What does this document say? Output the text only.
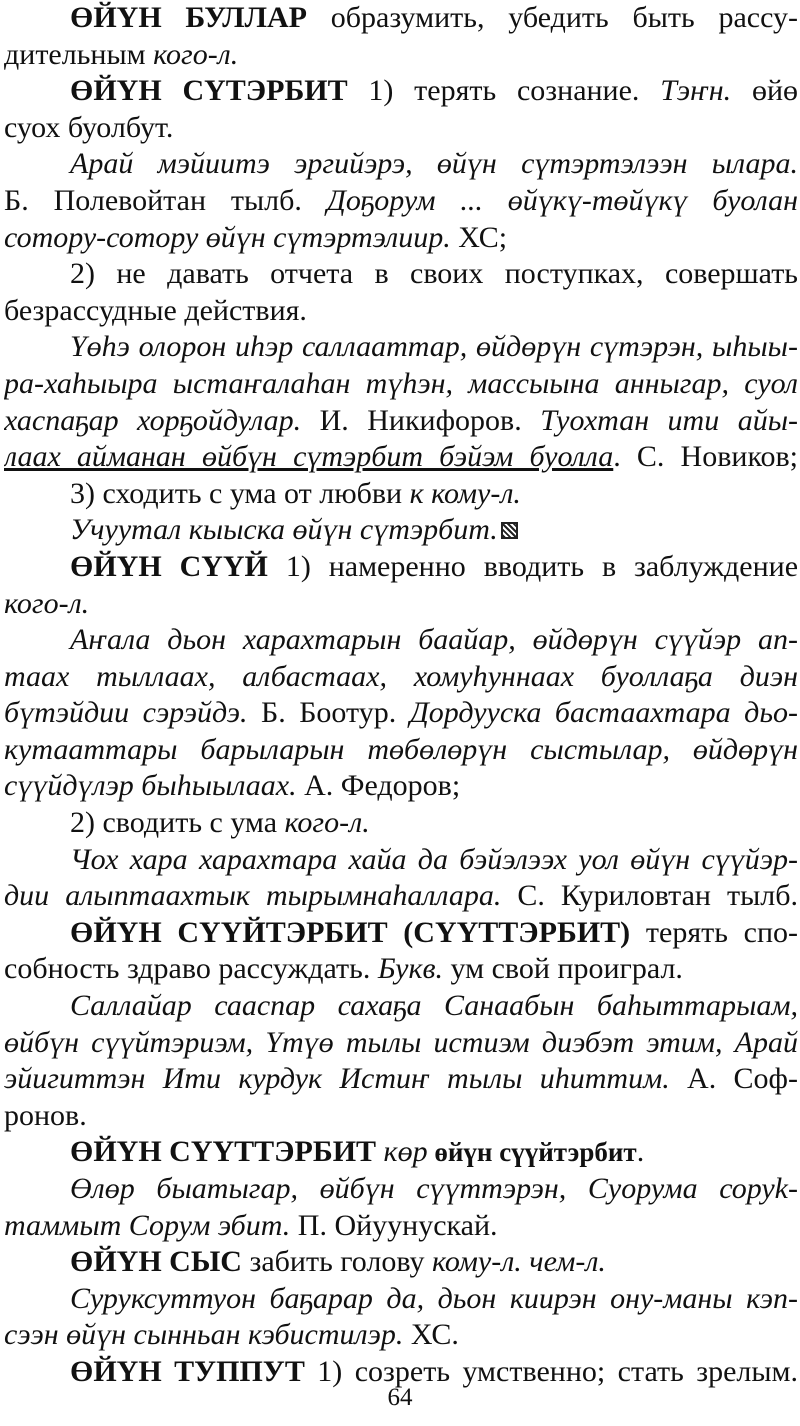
ӨЙҮН БУЛЛАР образумить, убедить быть рассу-
дительным кого-л.
ӨЙҮН СҮТЭРБИТ 1) терять сознание. Тэҥн. өйө
суох буолбут.
Арай мэйиитэ эргийэрэ, өйүн сүтэртэлээн ылара.
Б. Полевойтан тылб. Доҕорум ... өйүкү-төйүкү буолан
сотору-сотору өйүн сүтэртэлиир. ХС;
2) не давать отчета в своих поступках, совершать
безрассудные действия.
Үөһэ олорон иһэр саллааттар, өйдөрүн сүтэрэн, ыһыы-
ра-хаһыыра ыстаҥалаһан түһэн, массыына анныгар, суол
хаспаҕар хорҕойдулар. И. Никифоров. Туохтан ити айы-
лаах айманан өйбүн сүтэрбит бэйэм буолла. С. Новиков;
3) сходить с ума от любви к кому-л.
Учуутал кыыска өйүн сүтэрбит.
ӨЙҮН СҮҮЙ 1) намеренно вводить в заблуждение
кого-л.
Аҥала дьон харахтарын баайар, өйдөрүн сүүйэр ап-
таах тыллаах, албастаах, хомуһуннаах буоллаҕа диэн
бүтэйдии сэрэйдэ. Б. Боотур. Дордууска бастаахтара дьо-
кутааттары барыларын төбөлөрүн сыстылар, өйдөрүн
сүүйдүлэр быһыылаах. А. Федоров;
2) сводить с ума кого-л.
Чох хара харахтара хайа да бэйэлээх уол өйүн сүүйэр-
дии алыптаахтык тырымнаһаллара. С. Куриловтан тылб.
ӨЙҮН СҮҮЙТЭРБИТ (СҮҮТТЭРБИТ) терять спо-
собность здраво рассуждать. Букв. ум свой проиграл.
Саллайар сааспар сахаҕа Санаабын баһыттарыам,
өйбүн сүүйтэриэм, Үтүө тылы истиэм диэбэт этим, Арай
эйигиттэн Ити курдук Истиҥ тылы иһиттим. А. Соф-
ронов.
ӨЙҮН СҮҮТТЭРБИТ көр өйүн сүүйтэрбит.
Өлөр быатыгар, өйбүн сүүттэрэн, Суорума соруk-
таммыт Сорум эбит. П. Ойуунускай.
ӨЙҮН СЫС забить голову кому-л. чем-л.
Суруксуттуон баҕарар да, дьон киирэн ону-маны кэп-
сээн өйүн сынньан кэбистилэр. ХС.
ӨЙҮН ТУППУТ 1) созреть умственно; стать зрелым.
64
